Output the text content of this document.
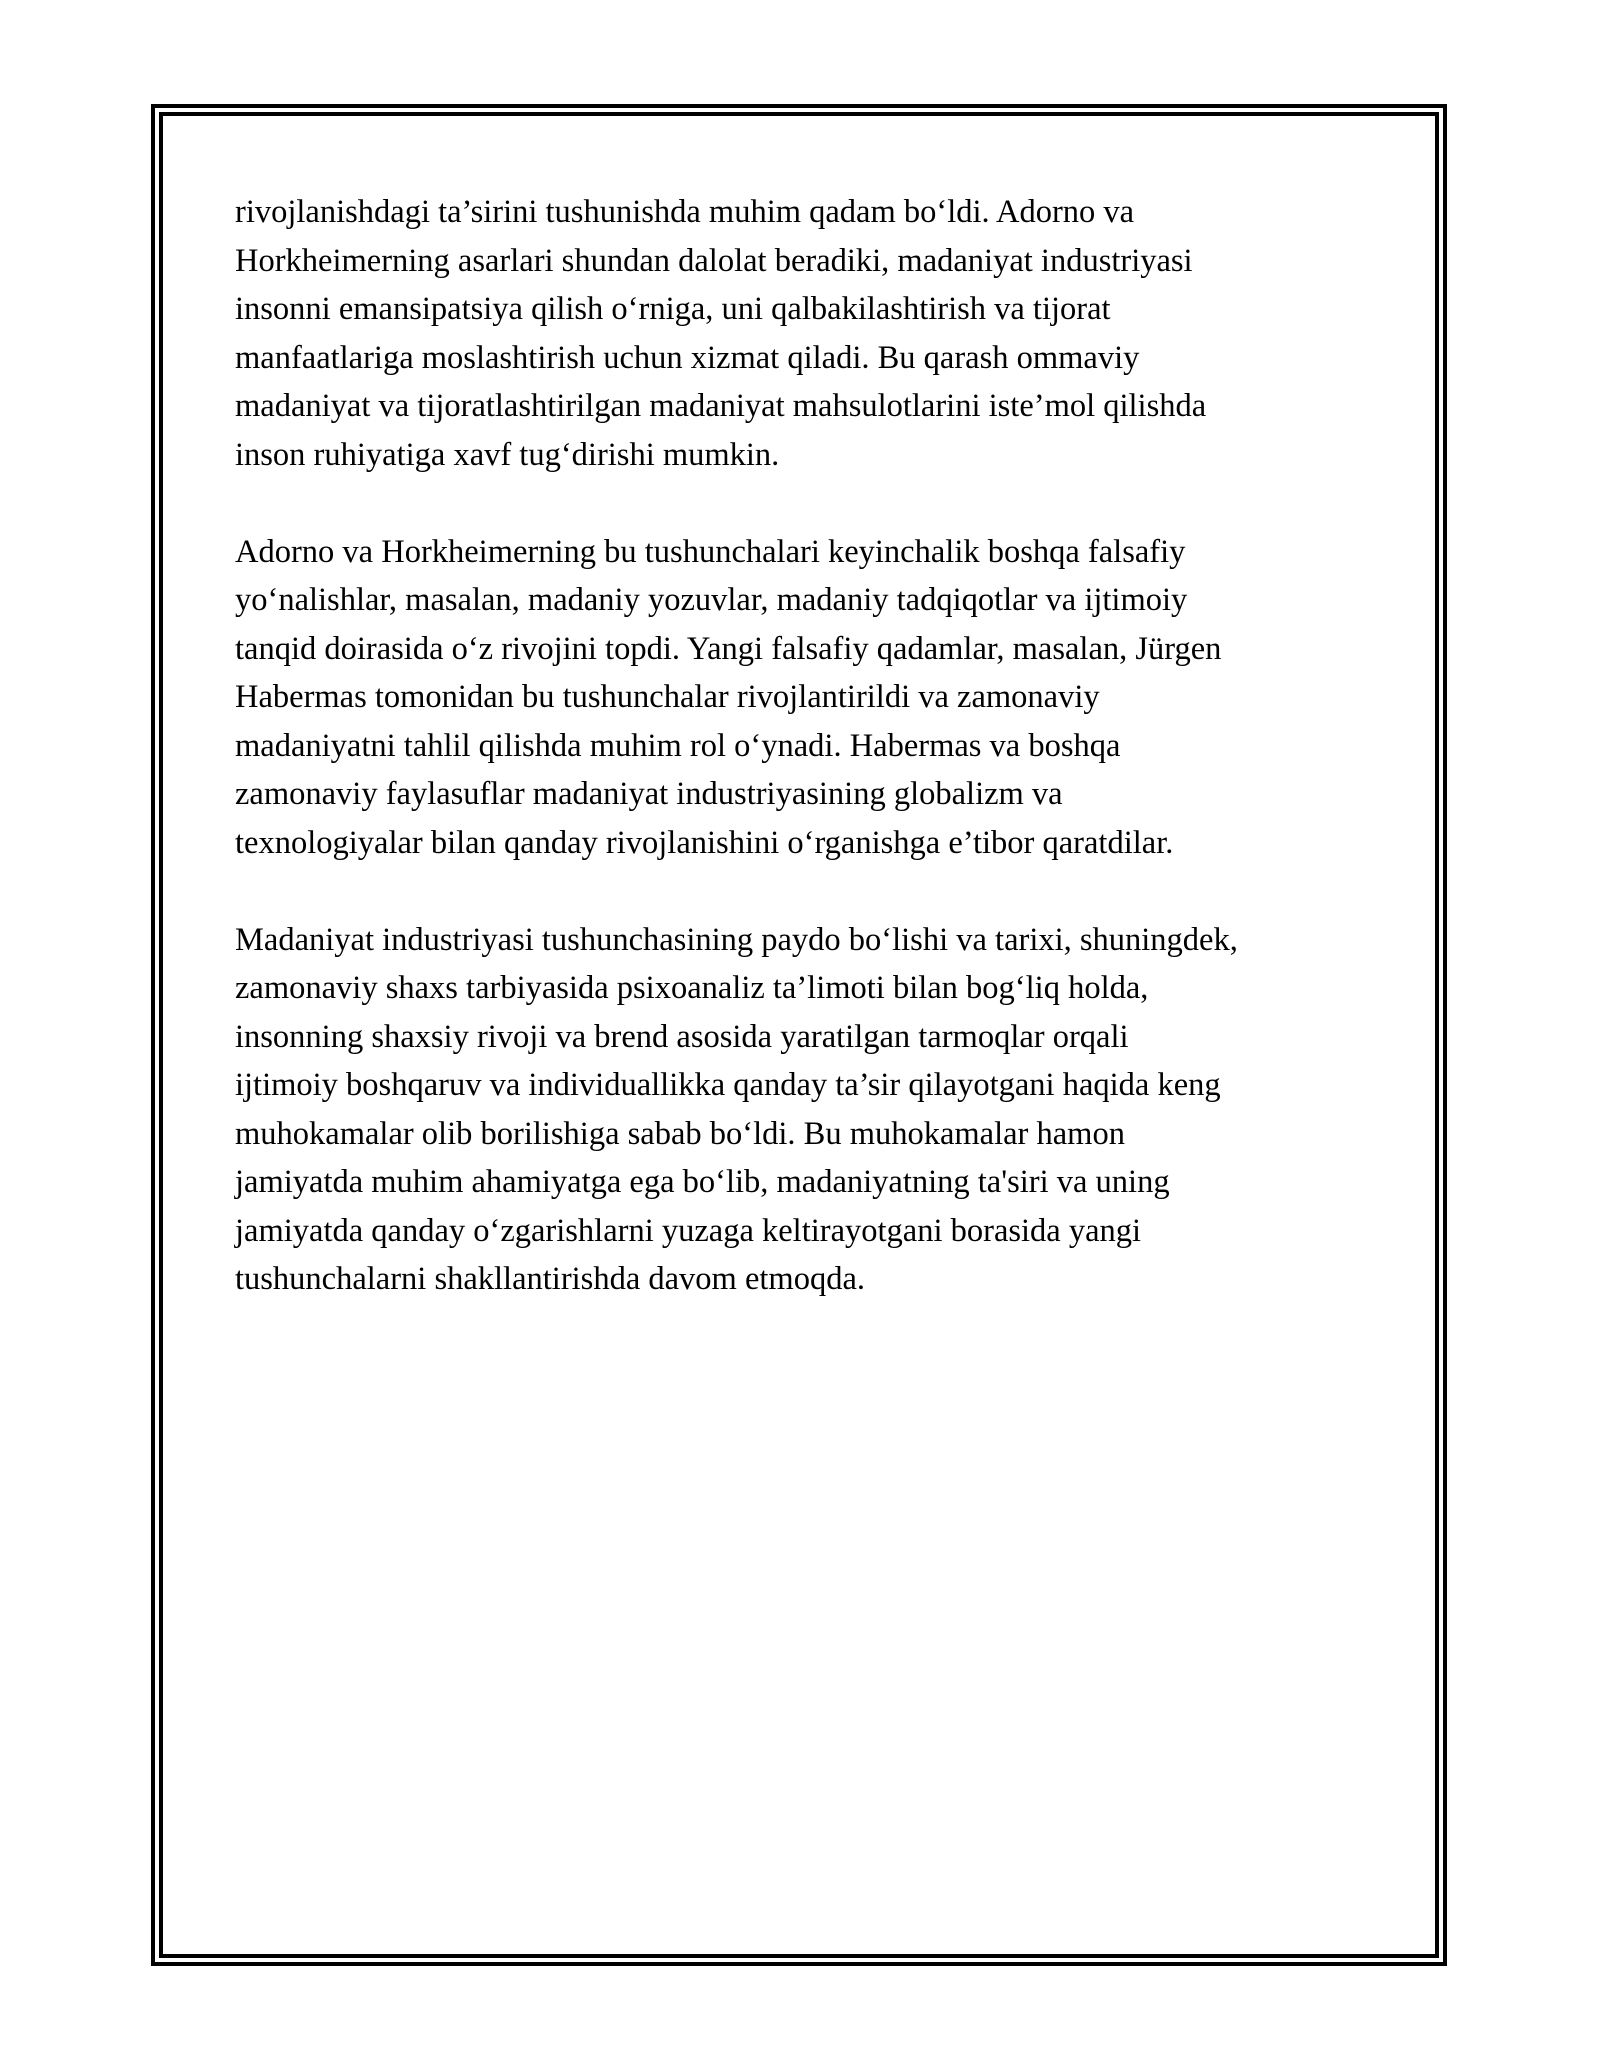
rivojlanishdagi ta’sirini tushunishda muhim qadam bo‘ldi. Adorno va
Horkheimerning asarlari shundan dalolat beradiki, madaniyat industriyasi
insonni emansipatsiya qilish o‘rniga, uni qalbakilashtirish va tijorat
manfaatlariga moslashtirish uchun xizmat qiladi. Bu qarash ommaviy
madaniyat va tijoratlashtirilgan madaniyat mahsulotlarini iste’mol qilishda
inson ruhiyatiga xavf tug‘dirishi mumkin.

Adorno va Horkheimerning bu tushunchalari keyinchalik boshqa falsafiy
yo‘nalishlar, masalan, madaniy yozuvlar, madaniy tadqiqotlar va ijtimoiy
tanqid doirasida o‘z rivojini topdi. Yangi falsafiy qadamlar, masalan, Jürgen
Habermas tomonidan bu tushunchalar rivojlantirildi va zamonaviy
madaniyatni tahlil qilishda muhim rol o‘ynadi. Habermas va boshqa
zamonaviy faylasuflar madaniyat industriyasining globalizm va
texnologiyalar bilan qanday rivojlanishini o‘rganishga e’tibor qaratdilar.

Madaniyat industriyasi tushunchasining paydo bo‘lishi va tarixi, shuningdek,
zamonaviy shaxs tarbiyasida psixoanaliz ta’limoti bilan bog‘liq holda,
insonning shaxsiy rivoji va brend asosida yaratilgan tarmoqlar orqali
ijtimoiy boshqaruv va individuallikka qanday ta’sir qilayotgani haqida keng
muhokamalar olib borilishiga sabab bo‘ldi. Bu muhokamalar hamon
jamiyatda muhim ahamiyatga ega bo‘lib, madaniyatning ta'siri va uning
jamiyatda qanday o‘zgarishlarni yuzaga keltirayotgani borasida yangi
tushunchalarni shakllantirishda davom etmoqda.
